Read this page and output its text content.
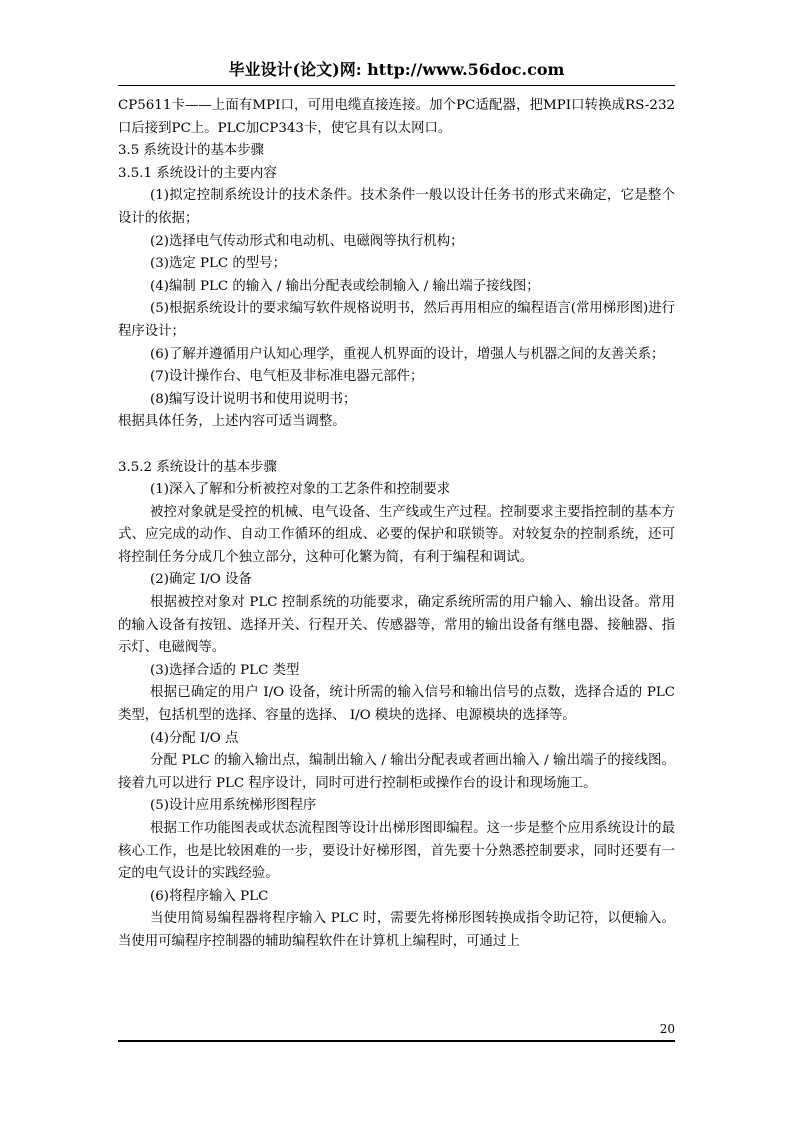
毕业设计(论文)网: http://www.56doc.com

CP5611卡——上面有MPI口，可用电缆直接连接。加个PC适配器，把MPI口转换成RS-232口后接到PC上。PLC加CP343卡，使它具有以太网口。

3.5 系统设计的基本步骤

3.5.1 系统设计的主要内容

(1)拟定控制系统设计的技术条件。技术条件一般以设计任务书的形式来确定，它是整个设计的依据；

(2)选择电气传动形式和电动机、电磁阀等执行机构；

(3)选定 PLC 的型号；

(4)编制 PLC 的输入 / 输出分配表或绘制输入 / 输出端子接线图；

(5)根据系统设计的要求编写软件规格说明书，然后再用相应的编程语言(常用梯形图)进行程序设计；

(6)了解并遵循用户认知心理学，重视人机界面的设计，增强人与机器之间的友善关系；

(7)设计操作台、电气柜及非标准电器元部件；

(8)编写设计说明书和使用说明书；

根据具体任务，上述内容可适当调整。

3.5.2 系统设计的基本步骤

(1)深入了解和分析被控对象的工艺条件和控制要求

被控对象就是受控的机械、电气设备、生产线或生产过程。控制要求主要指控制的基本方式、应完成的动作、自动工作循环的组成、必要的保护和联锁等。对较复杂的控制系统，还可将控制任务分成几个独立部分，这种可化繁为简，有利于编程和调试。

(2)确定 I/O 设备

根据被控对象对 PLC 控制系统的功能要求，确定系统所需的用户输入、输出设备。常用的输入设备有按钮、选择开关、行程开关、传感器等，常用的输出设备有继电器、接触器、指示灯、电磁阀等。

(3)选择合适的 PLC 类型

根据已确定的用户 I/O 设备，统计所需的输入信号和输出信号的点数，选择合适的 PLC 类型，包括机型的选择、容量的选择、 I/O 模块的选择、电源模块的选择等。

(4)分配 I/O 点

分配 PLC 的输入输出点，编制出输入 / 输出分配表或者画出输入 / 输出端子的接线图。接着九可以进行 PLC 程序设计，同时可进行控制柜或操作台的设计和现场施工。

(5)设计应用系统梯形图程序

根据工作功能图表或状态流程图等设计出梯形图即编程。这一步是整个应用系统设计的最核心工作，也是比较困难的一步，要设计好梯形图，首先要十分熟悉控制要求，同时还要有一定的电气设计的实践经验。

(6)将程序输入 PLC

当使用简易编程器将程序输入 PLC 时，需要先将梯形图转换成指令助记符，以便输入。当使用可编程序控制器的辅助编程软件在计算机上编程时，可通过上

20
